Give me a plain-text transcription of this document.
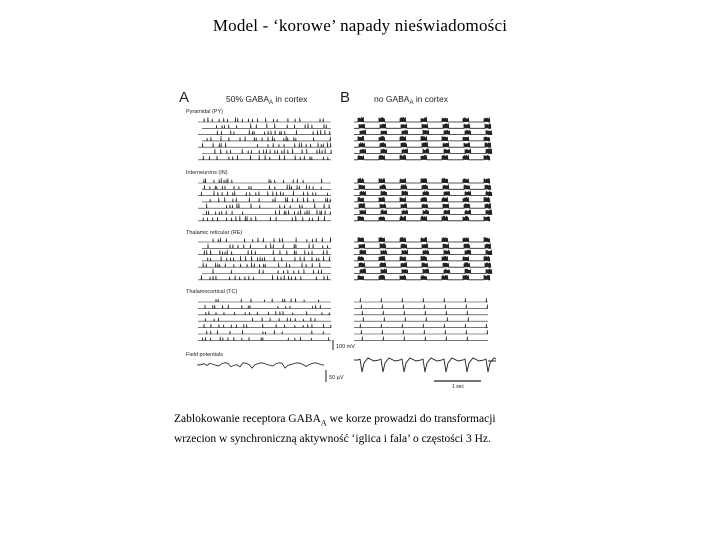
Model - ‘korowe’ napady nieświadomości
A	50% $GABA_A$ in cortex B	no $GABA_A$ in cortex
Pyramidal (PY)
Interneurons (IN)
Thalamic reticular (RE)
Thalamocortical (TC)
Field potentials
100 mV
50 µV
1 sec
Zablokowanie receptora $GABA_A$ we korze prowadzi do transformacji wrzecion w synchroniczną aktywność ‘iglica i fala’ o częstości 3 Hz.
